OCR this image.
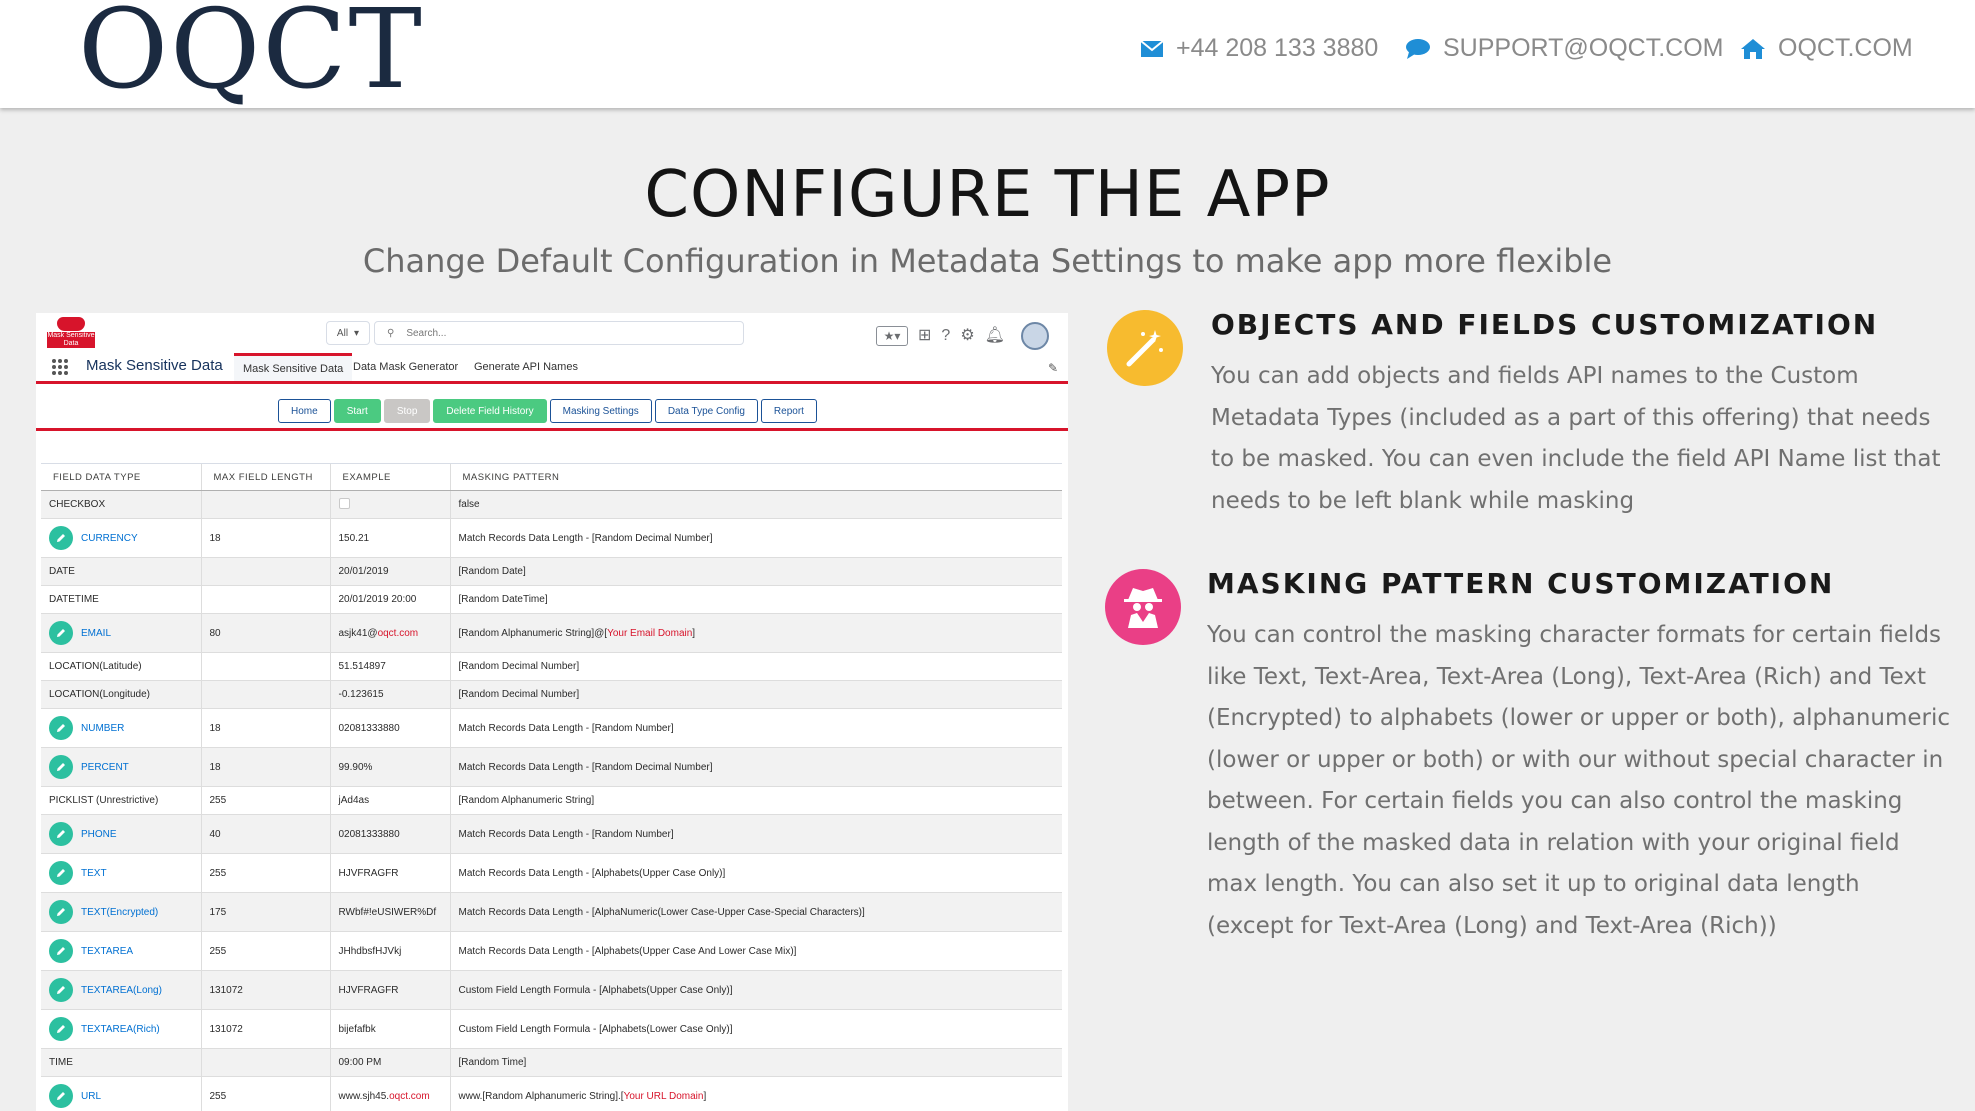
OQCT	+44 208 133 3880	SUPPORT@OQCT.COM OQCT.COM
CONFIGURE THE APP
Change Default Configuration in Metadata Settings to make app more flexible
Mask Sensitive Data
All ▾	⚲ Search...	★▾	⊞ ? ⚙ 🔔︎
Mask Sensitive Data	Mask Sensitive Data Data Mask Generator	Generate API Names	✎
Home	Start	Stop	Delete Field History	Masking Settings	Data Type Config	Report
FIELD DATA TYPE	MAX FIELD LENGTH	EXAMPLE	MASKING PATTERN
CHECKBOX			false

CURRENCY	18	150.21	Match Records Data Length - [Random Decimal Number]
DATE		20/01/2019	[Random Date]
DATETIME		20/01/2019 20:00	[Random DateTime]

EMAIL	80	asjk41@oqct.com	[Random Alphanumeric String]@[Your Email Domain]
LOCATION(Latitude)		51.514897	[Random Decimal Number]
LOCATION(Longitude)		-0.123615	[Random Decimal Number]

NUMBER	18	02081333880	Match Records Data Length - [Random Number]

PERCENT	18	99.90%	Match Records Data Length - [Random Decimal Number]
PICKLIST (Unrestrictive)	255	jAd4as	[Random Alphanumeric String]

PHONE	40	02081333880	Match Records Data Length - [Random Number]

TEXT	255	HJVFRAGFR	Match Records Data Length - [Alphabets(Upper Case Only)]

TEXT(Encrypted)	175	RWbf#!eUSIWER%Df	Match Records Data Length - [AlphaNumeric(Lower Case-Upper Case-Special Characters)]

TEXTAREA	255	JHhdbsfHJVkj	Match Records Data Length - [Alphabets(Upper Case And Lower Case Mix)]

TEXTAREA(Long)	131072	HJVFRAGFR	Custom Field Length Formula - [Alphabets(Upper Case Only)]

TEXTAREA(Rich)	131072	bijefafbk	Custom Field Length Formula - [Alphabets(Lower Case Only)]
TIME		09:00 PM	[Random Time]

URL	255	www.sjh45.oqct.com	www.[Random Alphanumeric String].[Your URL Domain]
OBJECTS AND FIELDS CUSTOMIZATION
You can add objects and fields API names to the Custom Metadata Types (included as a part of this offering) that needs to be masked. You can even include the field API Name list that needs to be left blank while masking
MASKING PATTERN CUSTOMIZATION
You can control the masking character formats for certain fields like Text, Text-Area, Text-Area (Long), Text-Area (Rich) and Text (Encrypted) to alphabets (lower or upper or both), alphanumeric (lower or upper or both) or with our without special character in between. For certain fields you can also control the masking length of the masked data in relation with your original field max length. You can also set it up to original data length (except for Text-Area (Long) and Text-Area (Rich))
